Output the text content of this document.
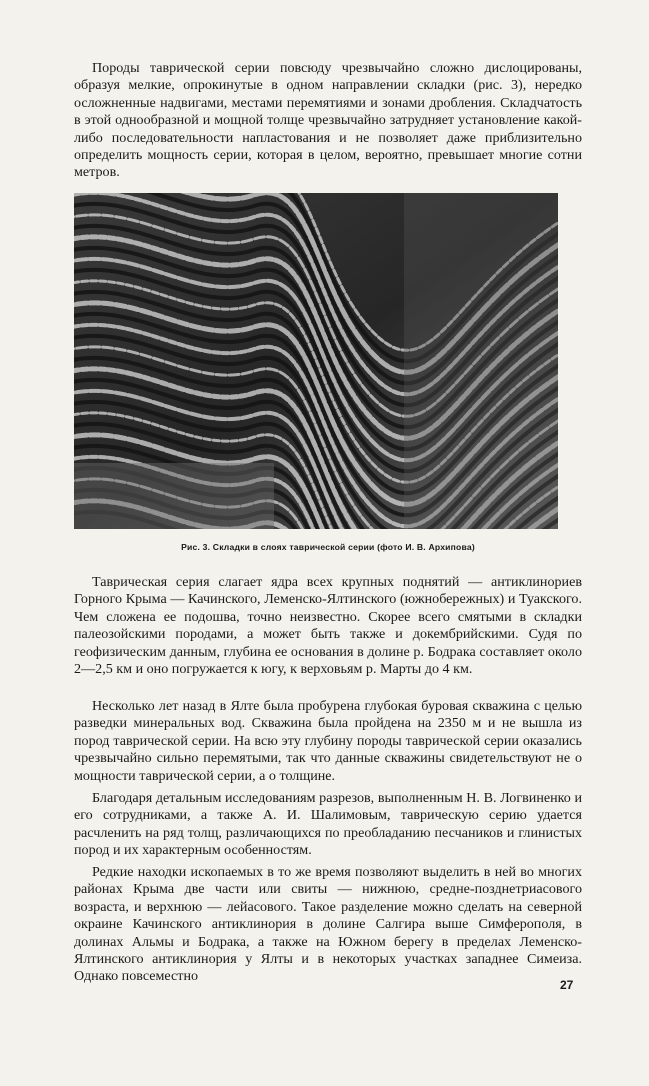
Породы таврической серии повсюду чрезвычайно сложно дислоцированы, образуя мелкие, опрокинутые в одном направлении складки (рис. 3), нередко осложненные надвигами, местами перемятиями и зонами дробления. Складчатость в этой однообразной и мощной толще чрезвычайно затрудняет установление какой-либо последовательности напластования и не позволяет даже приблизительно определить мощность серии, которая в целом, вероятно, превышает многие сотни метров.

Рис. 3. Складки в слоях таврической серии (фото И. В. Архипова)

Таврическая серия слагает ядра всех крупных поднятий — антиклинориев Горного Крыма — Качинского, Леменско-Ялтинского (южнобережных) и Туакского. Чем сложена ее подошва, точно неизвестно. Скорее всего смятыми в складки палеозойскими породами, а может быть также и докембрийскими. Судя по геофизическим данным, глубина ее основания в долине р. Бодрака составляет около 2—2,5 км и оно погружается к югу, к верховьям р. Марты до 4 км.

Несколько лет назад в Ялте была пробурена глубокая буровая скважина с целью разведки минеральных вод. Скважина была пройдена на 2350 м и не вышла из пород таврической серии. На всю эту глубину породы таврической серии оказались чрезвычайно сильно перемятыми, так что данные скважины свидетельствуют не о мощности таврической серии, а о толщине.

Благодаря детальным исследованиям разрезов, выполненным Н. В. Логвиненко и его сотрудниками, а также А. И. Шалимовым, таврическую серию удается расчленить на ряд толщ, различающихся по преобладанию песчаников и глинистых пород и их характерным особенностям.

Редкие находки ископаемых в то же время позволяют выделить в ней во многих районах Крыма две части или свиты — нижнюю, средне-позднетриасового возраста, и верхнюю — лейасового. Такое разделение можно сделать на северной окраине Качинского антиклинория в долине Салгира выше Симферополя, в долинах Альмы и Бодрака, а также на Южном берегу в пределах Леменско-Ялтинского антиклинория у Ялты и в некоторых участках западнее Симеиза. Однако повсеместно

27
